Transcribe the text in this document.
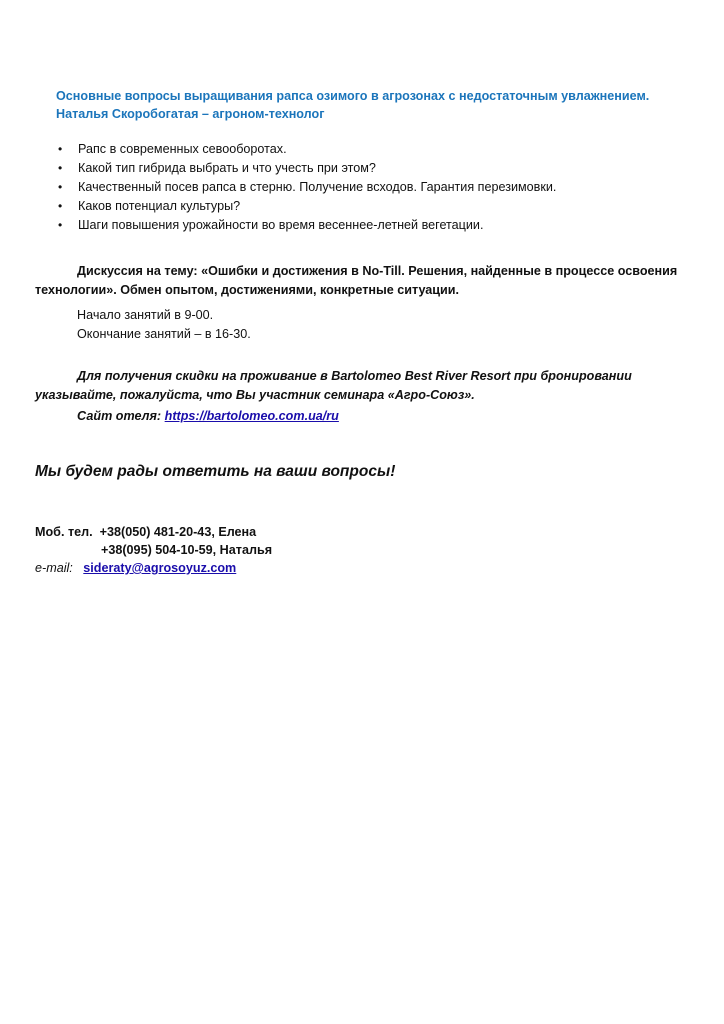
Основные вопросы выращивания рапса озимого в агрозонах с недостаточным увлажнением.
Наталья Скоробогатая – агроном-технолог
• Рапс в современных севооборотах.
• Какой тип гибрида выбрать и что учесть при этом?
• Качественный посев рапса в стерню. Получение всходов. Гарантия перезимовки.
• Каков потенциал культуры?
• Шаги повышения урожайности во время весеннее-летней вегетации.
Дискуссия на тему: «Ошибки и достижения в No-Till. Решения, найденные в процессе освоения технологии». Обмен опытом, достижениями, конкретные ситуации.
Начало занятий в 9-00.
Окончание занятий – в 16-30.
Для получения скидки на проживание в Bartolomeo Best River Resort при бронировании указывайте, пожалуйста, что Вы участник семинара «Агро-Союз».
Сайт отеля: https://bartolomeo.com.ua/ru
Мы будем рады ответить на ваши вопросы!
Моб. тел. +38(050) 481-20-43, Елена
+38(095) 504-10-59, Наталья
e-mail: sideraty@agrosoyuz.com
